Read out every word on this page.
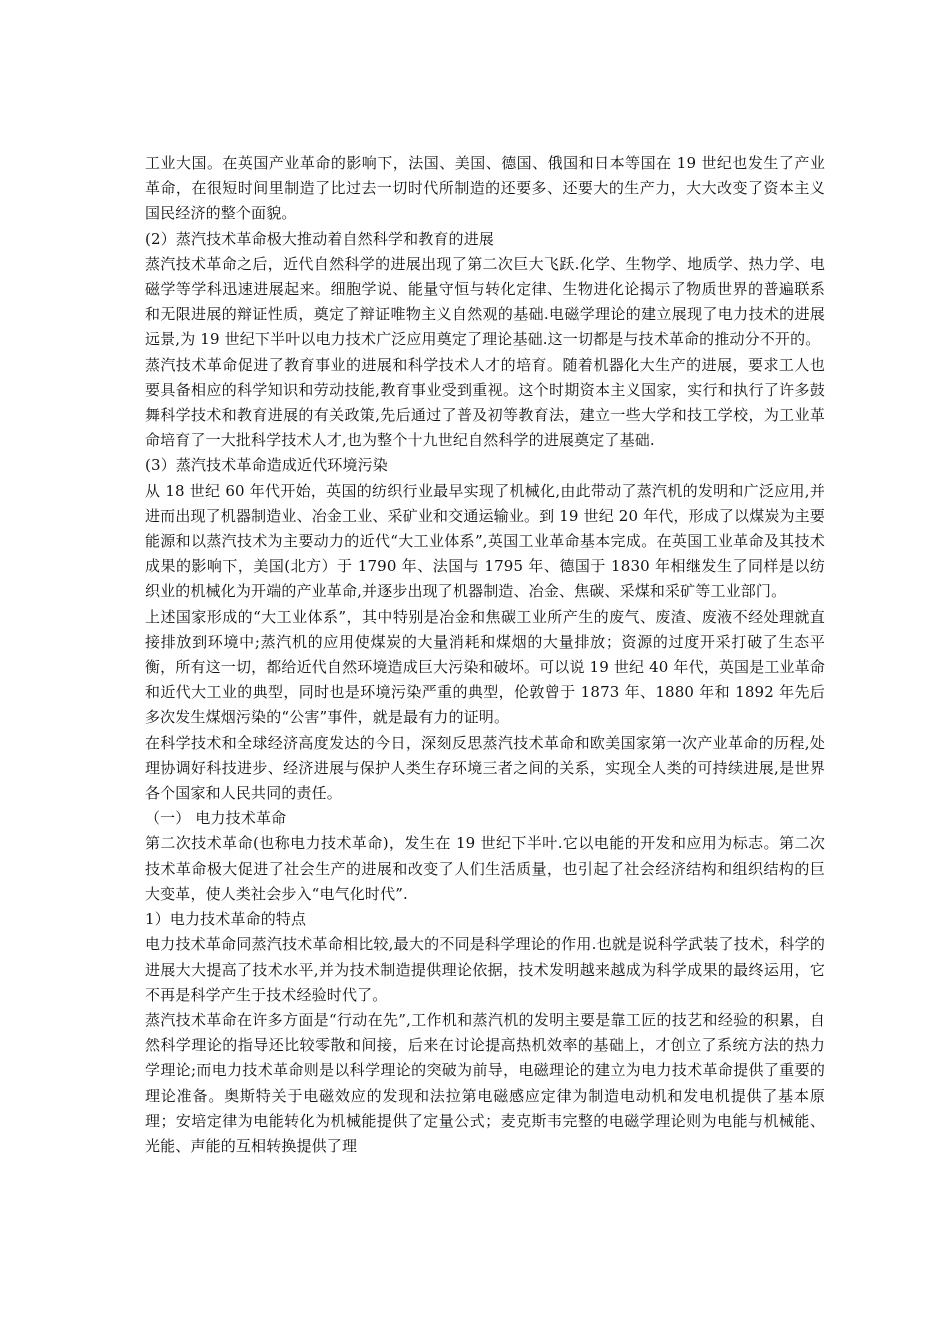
工业大国。在英国产业革命的影响下，法国、美国、德国、俄国和日本等国在 19 世纪也发生了产业革命，在很短时间里制造了比过去一切时代所制造的还要多、还要大的生产力，大大改变了资本主义国民经济的整个面貌。

(2）蒸汽技术革命极大推动着自然科学和教育的进展

蒸汽技术革命之后，近代自然科学的进展出现了第二次巨大飞跃.化学、生物学、地质学、热力学、电磁学等学科迅速进展起来。细胞学说、能量守恒与转化定律、生物进化论揭示了物质世界的普遍联系和无限进展的辩证性质，奠定了辩证唯物主义自然观的基础.电磁学理论的建立展现了电力技术的进展远景,为 19 世纪下半叶以电力技术广泛应用奠定了理论基础.这一切都是与技术革命的推动分不开的。

蒸汽技术革命促进了教育事业的进展和科学技术人才的培育。随着机器化大生产的进展，要求工人也要具备相应的科学知识和劳动技能,教育事业受到重视。这个时期资本主义国家，实行和执行了许多鼓舞科学技术和教育进展的有关政策,先后通过了普及初等教育法，建立一些大学和技工学校，为工业革命培育了一大批科学技术人才,也为整个十九世纪自然科学的进展奠定了基础.

(3）蒸汽技术革命造成近代环境污染

从 18 世纪 60 年代开始，英国的纺织行业最早实现了机械化,由此带动了蒸汽机的发明和广泛应用,并进而出现了机器制造业、冶金工业、采矿业和交通运输业。到 19 世纪 20 年代，形成了以煤炭为主要能源和以蒸汽技术为主要动力的近代“大工业体系”,英国工业革命基本完成。在英国工业革命及其技术成果的影响下，美国(北方）于 1790 年、法国与 1795 年、德国于 1830 年相继发生了同样是以纺织业的机械化为开端的产业革命,并逐步出现了机器制造、冶金、焦碳、采煤和采矿等工业部门。

上述国家形成的“大工业体系”，其中特别是冶金和焦碳工业所产生的废气、废渣、废液不经处理就直接排放到环境中;蒸汽机的应用使煤炭的大量消耗和煤烟的大量排放；资源的过度开采打破了生态平衡，所有这一切，都给近代自然环境造成巨大污染和破坏。可以说 19 世纪 40 年代，英国是工业革命和近代大工业的典型，同时也是环境污染严重的典型，伦敦曾于 1873 年、1880 年和 1892 年先后多次发生煤烟污染的“公害”事件，就是最有力的证明。

在科学技术和全球经济高度发达的今日，深刻反思蒸汽技术革命和欧美国家第一次产业革命的历程,处理协调好科技进步、经济进展与保护人类生存环境三者之间的关系，实现全人类的可持续进展,是世界各个国家和人民共同的责任。

（一） 电力技术革命

第二次技术革命(也称电力技术革命)，发生在 19 世纪下半叶.它以电能的开发和应用为标志。第二次技术革命极大促进了社会生产的进展和改变了人们生活质量，也引起了社会经济结构和组织结构的巨大变革，使人类社会步入“电气化时代”.

1）电力技术革命的特点

电力技术革命同蒸汽技术革命相比较,最大的不同是科学理论的作用.也就是说科学武装了技术，科学的进展大大提高了技术水平,并为技术制造提供理论依据，技术发明越来越成为科学成果的最终运用，它不再是科学产生于技术经验时代了。

蒸汽技术革命在许多方面是“行动在先”,工作机和蒸汽机的发明主要是靠工匠的技艺和经验的积累，自然科学理论的指导还比较零散和间接，后来在讨论提高热机效率的基础上，才创立了系统方法的热力学理论;而电力技术革命则是以科学理论的突破为前导，电磁理论的建立为电力技术革命提供了重要的理论准备。奥斯特关于电磁效应的发现和法拉第电磁感应定律为制造电动机和发电机提供了基本原理；安培定律为电能转化为机械能提供了定量公式；麦克斯韦完整的电磁学理论则为电能与机械能、光能、声能的互相转换提供了理
